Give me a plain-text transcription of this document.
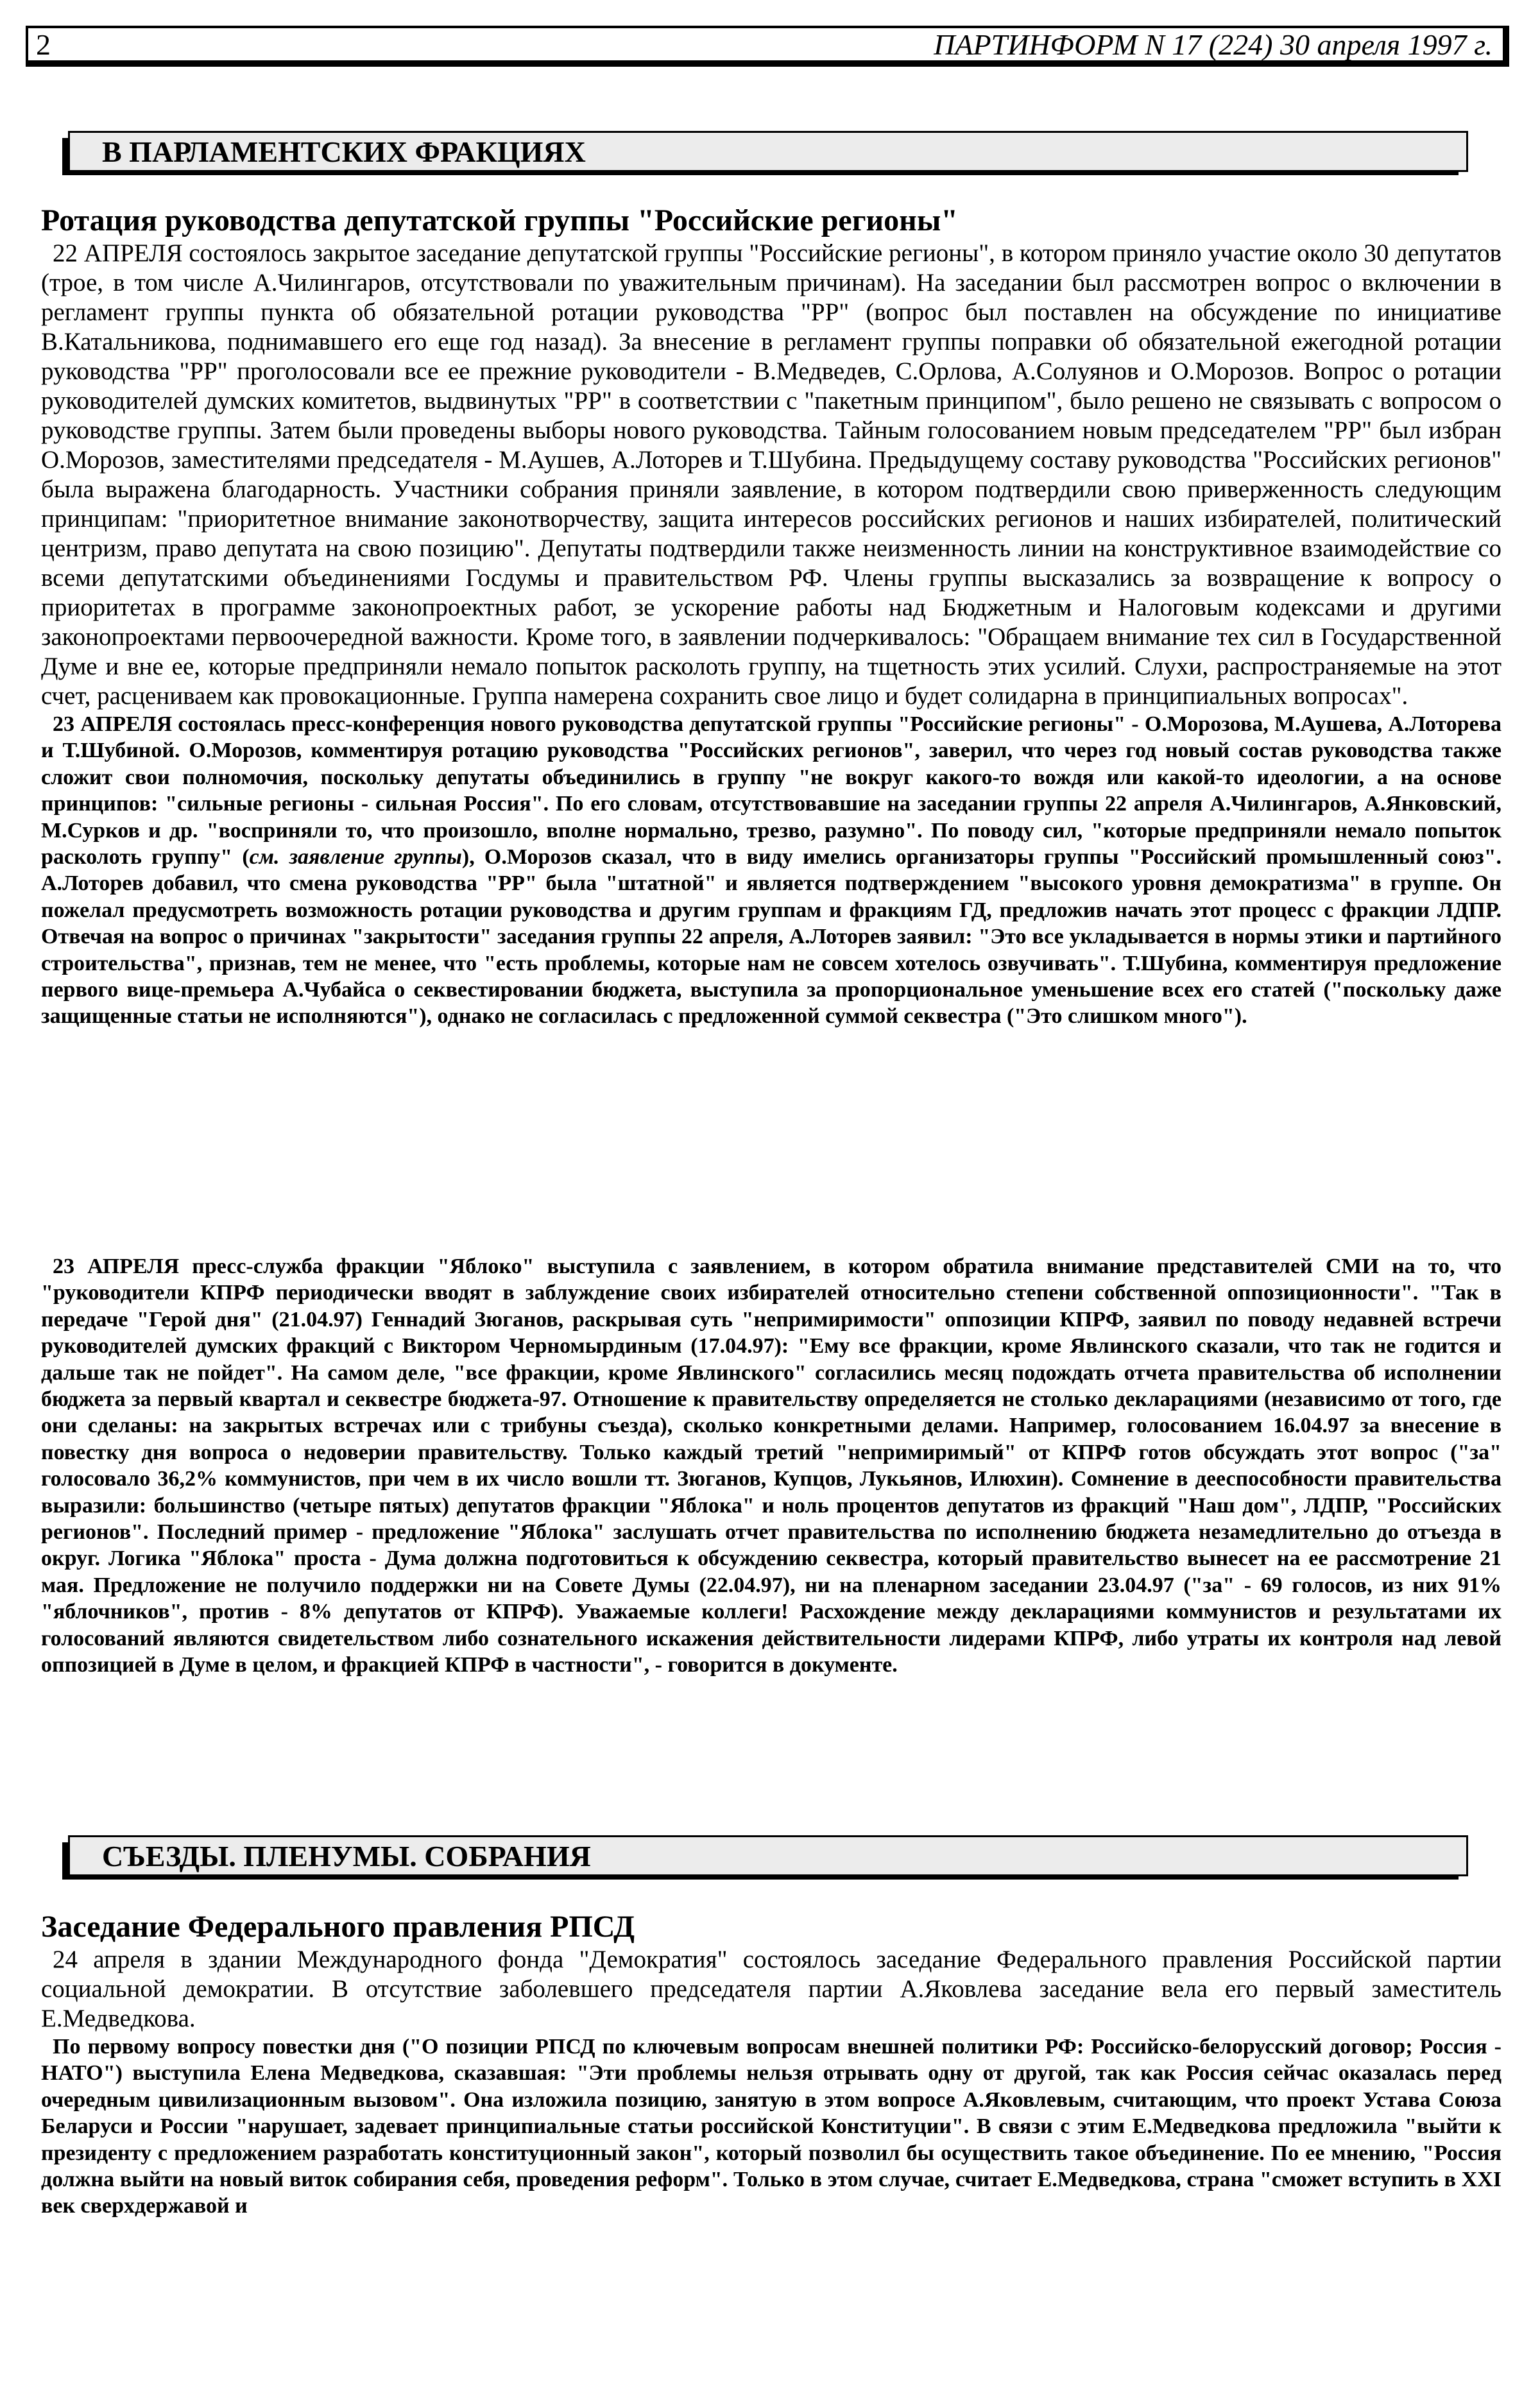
2	ПАРТИНФОРМ N 17 (224) 30 апреля 1997 г.
В ПАРЛАМЕНТСКИХ ФРАКЦИЯХ
Ротация руководства депутатской группы "Российские регионы"

22 АПРЕЛЯ состоялось закрытое заседание депутатской группы "Российские регионы", в котором приняло участие около 30 депутатов (трое, в том числе А.Чилингаров, отсутствовали по уважительным причинам). На заседании был рассмотрен вопрос о включении в регламент группы пункта об обязательной ротации руководства "РР" (вопрос был поставлен на обсуждение по инициативе В.Катальникова, поднимавшего его еще год назад). За внесение в регламент группы поправки об обязательной ежегодной ротации руководства "РР" проголосовали все ее прежние руководители - В.Медведев, С.Орлова, А.Солуянов и О.Морозов. Вопрос о ротации руководителей думских комитетов, выдвинутых "РР" в соответствии с "пакетным принципом", было решено не связывать с вопросом о руководстве группы. Затем были проведены выборы нового руководства. Тайным голосованием новым председателем "РР" был избран О.Морозов, заместителями председателя - М.Аушев, А.Лоторев и Т.Шубина. Предыдущему составу руководства "Российских регионов" была выражена благодарность. Участники собрания приняли заявление, в котором подтвердили свою приверженность следующим принципам: "приоритетное внимание законотворчеству, защита интересов российских регионов и наших избирателей, политический центризм, право депутата на свою позицию". Депутаты подтвердили также неизменность линии на конструктивное взаимодействие со всеми депутатскими объединениями Госдумы и правительством РФ. Члены группы высказались за возвращение к вопросу о приоритетах в программе законопроектных работ, зе ускорение работы над Бюджетным и Налоговым кодексами и другими законопроектами первоочередной важности. Кроме того, в заявлении подчеркивалось: "Обращаем внимание тех сил в Государственной Думе и вне ее, которые предприняли немало попыток расколоть группу, на тщетность этих усилий. Слухи, распространяемые на этот счет, расцениваем как провокационные. Группа намерена сохранить свое лицо и будет солидарна в принципиальных вопросах".

23 АПРЕЛЯ состоялась пресс-конференция нового руководства депутатской группы "Российские регионы" - О.Морозова, М.Аушева, А.Лоторева и Т.Шубиной. О.Морозов, комментируя ротацию руководства "Российских регионов", заверил, что через год новый состав руководства также сложит свои полномочия, поскольку депутаты объединились в группу "не вокруг какого-то вождя или какой-то идеологии, а на основе принципов: "сильные регионы - сильная Россия". По его словам, отсутствовавшие на заседании группы 22 апреля А.Чилингаров, А.Янковский, М.Сурков и др. "восприняли то, что произошло, вполне нормально, трезво, разумно". По поводу сил, "которые предприняли немало попыток расколоть группу" (см. заявление группы), О.Морозов сказал, что в виду имелись организаторы группы "Российский промышленный союз". А.Лоторев добавил, что смена руководства "РР" была "штатной" и является подтверждением "высокого уровня демократизма" в группе. Он пожелал предусмотреть возможность ротации руководства и другим группам и фракциям ГД, предложив начать этот процесс с фракции ЛДПР. Отвечая на вопрос о причинах "закрытости" заседания группы 22 апреля, А.Лоторев заявил: "Это все укладывается в нормы этики и партийного строительства", признав, тем не менее, что "есть проблемы, которые нам не совсем хотелось озвучивать". Т.Шубина, комментируя предложение первого вице-премьера А.Чубайса о секвестировании бюджета, выступила за пропорциональное уменьшение всех его статей ("поскольку даже защищенные статьи не исполняются"), однако не согласилась с предложенной суммой секвестра ("Это слишком много").

23 АПРЕЛЯ пресс-служба фракции "Яблоко" выступила с заявлением, в котором обратила внимание представителей СМИ на то, что "руководители КПРФ периодически вводят в заблуждение своих избирателей относительно степени собственной оппозиционности". "Так в передаче "Герой дня" (21.04.97) Геннадий Зюганов, раскрывая суть "непримиримости" оппозиции КПРФ, заявил по поводу недавней встречи руководителей думских фракций с Виктором Черномырдиным (17.04.97): "Ему все фракции, кроме Явлинского сказали, что так не годится и дальше так не пойдет". На самом деле, "все фракции, кроме Явлинского" согласились месяц подождать отчета правительства об исполнении бюджета за первый квартал и секвестре бюджета-97. Отношение к правительству определяется не столько декларациями (независимо от того, где они сделаны: на закрытых встречах или с трибуны съезда), сколько конкретными делами. Например, голосованием 16.04.97 за внесение в повестку дня вопроса о недоверии правительству. Только каждый третий "непримиримый" от КПРФ готов обсуждать этот вопрос ("за" голосовало 36,2% коммунистов, при чем в их число вошли тт. Зюганов, Купцов, Лукьянов, Илюхин). Сомнение в дееспособности правительства выразили: большинство (четыре пятых) депутатов фракции "Яблока" и ноль процентов депутатов из фракций "Наш дом", ЛДПР, "Российских регионов". Последний пример - предложение "Яблока" заслушать отчет правительства по исполнению бюджета незамедлительно до отъезда в округ. Логика "Яблока" проста - Дума должна подготовиться к обсуждению секвестра, который правительство вынесет на ее рассмотрение 21 мая. Предложение не получило поддержки ни на Совете Думы (22.04.97), ни на пленарном заседании 23.04.97 ("за" - 69 голосов, из них 91% "яблочников", против - 8% депутатов от КПРФ). Уважаемые коллеги! Расхождение между декларациями коммунистов и результатами их голосований являются свидетельством либо сознательного искажения действительности лидерами КПРФ, либо утраты их контроля над левой оппозицией в Думе в целом, и фракцией КПРФ в частности", - говорится в документе.

СЪЕЗДЫ. ПЛЕНУМЫ. СОБРАНИЯ
Заседание Федерального правления РПСД

24 апреля в здании Международного фонда "Демократия" состоялось заседание Федерального правления Российской партии социальной демократии. В отсутствие заболевшего председателя партии А.Яковлева заседание вела его первый заместитель Е.Медведкова.

По первому вопросу повестки дня ("О позиции РПСД по ключевым вопросам внешней политики РФ: Российско-белорусский договор; Россия - НАТО") выступила Елена Медведкова, сказавшая: "Эти проблемы нельзя отрывать одну от другой, так как Россия сейчас оказалась перед очередным цивилизационным вызовом". Она изложила позицию, занятую в этом вопросе А.Яковлевым, считающим, что проект Устава Союза Беларуси и России "нарушает, задевает принципиальные статьи российской Конституции". В связи с этим Е.Медведкова предложила "выйти к президенту с предложением разработать конституционный закон", который позволил бы осуществить такое объединение. По ее мнению, "Россия должна выйти на новый виток собирания себя, проведения реформ". Только в этом случае, считает Е.Медведкова, страна "сможет вступить в XXI век сверхдержавой и
